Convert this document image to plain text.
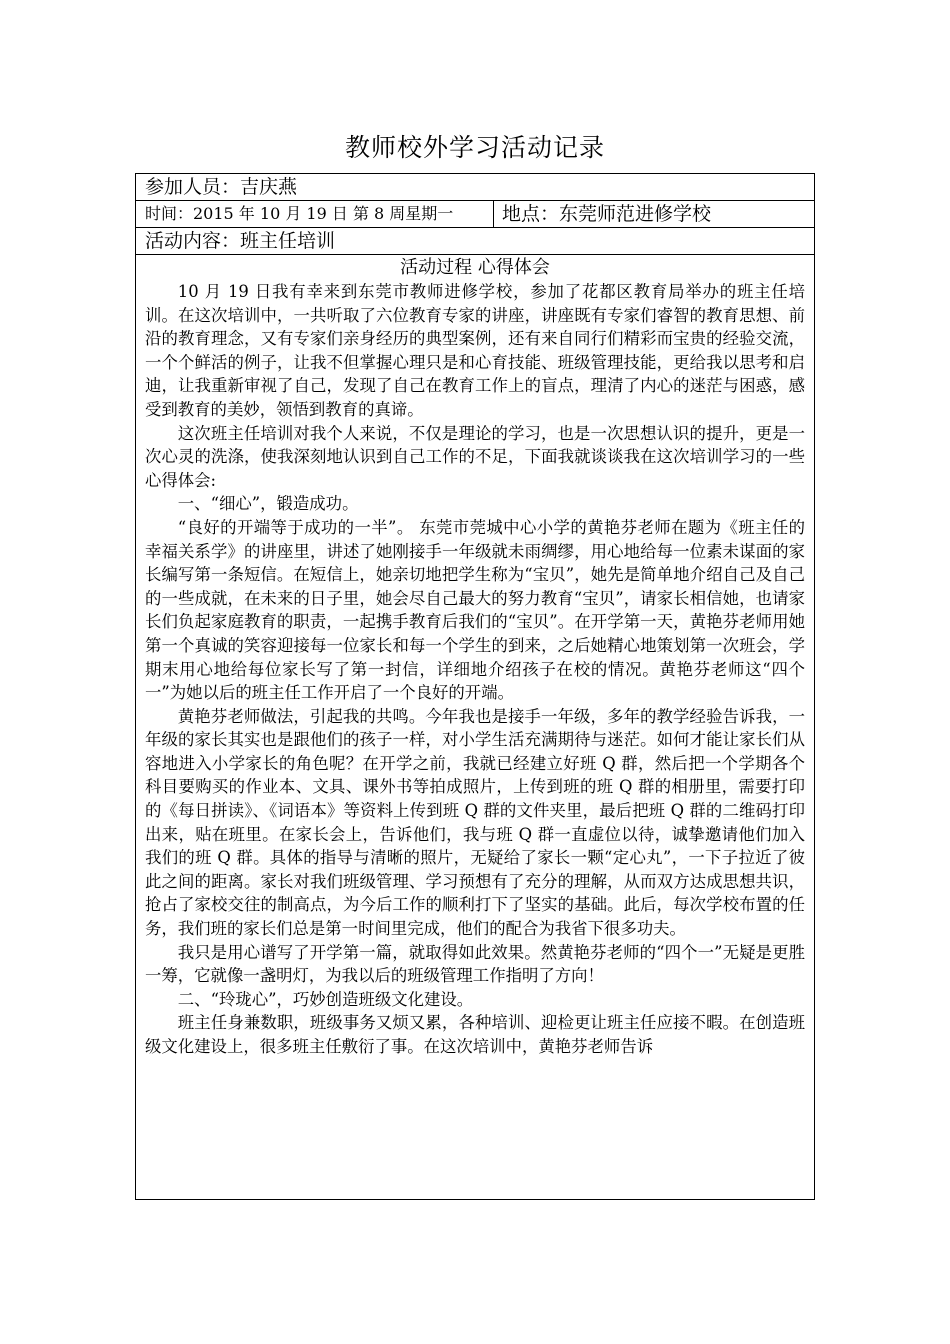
教师校外学习活动记录
参加人员：吉庆燕
时间：2015 年 10 月 19 日 第 8 周星期一	地点：东莞师范进修学校
活动内容：班主任培训
活动过程 心得体会

10 月 19 日我有幸来到东莞市教师进修学校，参加了花都区教育局举办的班主任培训。在这次培训中，一共听取了六位教育专家的讲座，讲座既有专家们睿智的教育思想、前沿的教育理念，又有专家们亲身经历的典型案例，还有来自同行们精彩而宝贵的经验交流，一个个鲜活的例子，让我不但掌握心理只是和心育技能、班级管理技能，更给我以思考和启迪，让我重新审视了自己，发现了自己在教育工作上的盲点，理清了内心的迷茫与困惑，感受到教育的美妙，领悟到教育的真谛。

这次班主任培训对我个人来说，不仅是理论的学习，也是一次思想认识的提升，更是一次心灵的洗涤，使我深刻地认识到自己工作的不足，下面我就谈谈我在这次培训学习的一些心得体会:

一、“细心”，锻造成功。

“良好的开端等于成功的一半”。 东莞市莞城中心小学的黄艳芬老师在题为《班主任的幸福关系学》的讲座里，讲述了她刚接手一年级就未雨绸缪，用心地给每一位素未谋面的家长编写第一条短信。在短信上，她亲切地把学生称为“宝贝”，她先是简单地介绍自己及自己的一些成就，在未来的日子里，她会尽自己最大的努力教育“宝贝”，请家长相信她，也请家长们负起家庭教育的职责，一起携手教育后我们的“宝贝”。在开学第一天，黄艳芬老师用她第一个真诚的笑容迎接每一位家长和每一个学生的到来，之后她精心地策划第一次班会，学期末用心地给每位家长写了第一封信，详细地介绍孩子在校的情况。黄艳芬老师这“四个一”为她以后的班主任工作开启了一个良好的开端。

黄艳芬老师做法，引起我的共鸣。今年我也是接手一年级，多年的教学经验告诉我，一年级的家长其实也是跟他们的孩子一样，对小学生活充满期待与迷茫。如何才能让家长们从容地进入小学家长的角色呢？在开学之前，我就已经建立好班 Q 群，然后把一个学期各个科目要购买的作业本、文具、课外书等拍成照片，上传到班的班 Q 群的相册里，需要打印的《每日拼读》、《词语本》等资料上传到班 Q 群的文件夹里，最后把班 Q 群的二维码打印出来，贴在班里。在家长会上，告诉他们，我与班 Q 群一直虚位以待，诚挚邀请他们加入我们的班 Q 群。具体的指导与清晰的照片，无疑给了家长一颗“定心丸”，一下子拉近了彼此之间的距离。家长对我们班级管理、学习预想有了充分的理解，从而双方达成思想共识，抢占了家校交往的制高点，为今后工作的顺利打下了坚实的基础。此后，每次学校布置的任务，我们班的家长们总是第一时间里完成，他们的配合为我省下很多功夫。

我只是用心谱写了开学第一篇，就取得如此效果。然黄艳芬老师的“四个一”无疑是更胜一筹，它就像一盏明灯，为我以后的班级管理工作指明了方向！

二、“玲珑心”，巧妙创造班级文化建设。

班主任身兼数职，班级事务又烦又累，各种培训、迎检更让班主任应接不暇。在创造班级文化建设上，很多班主任敷衍了事。在这次培训中，黄艳芬老师告诉
